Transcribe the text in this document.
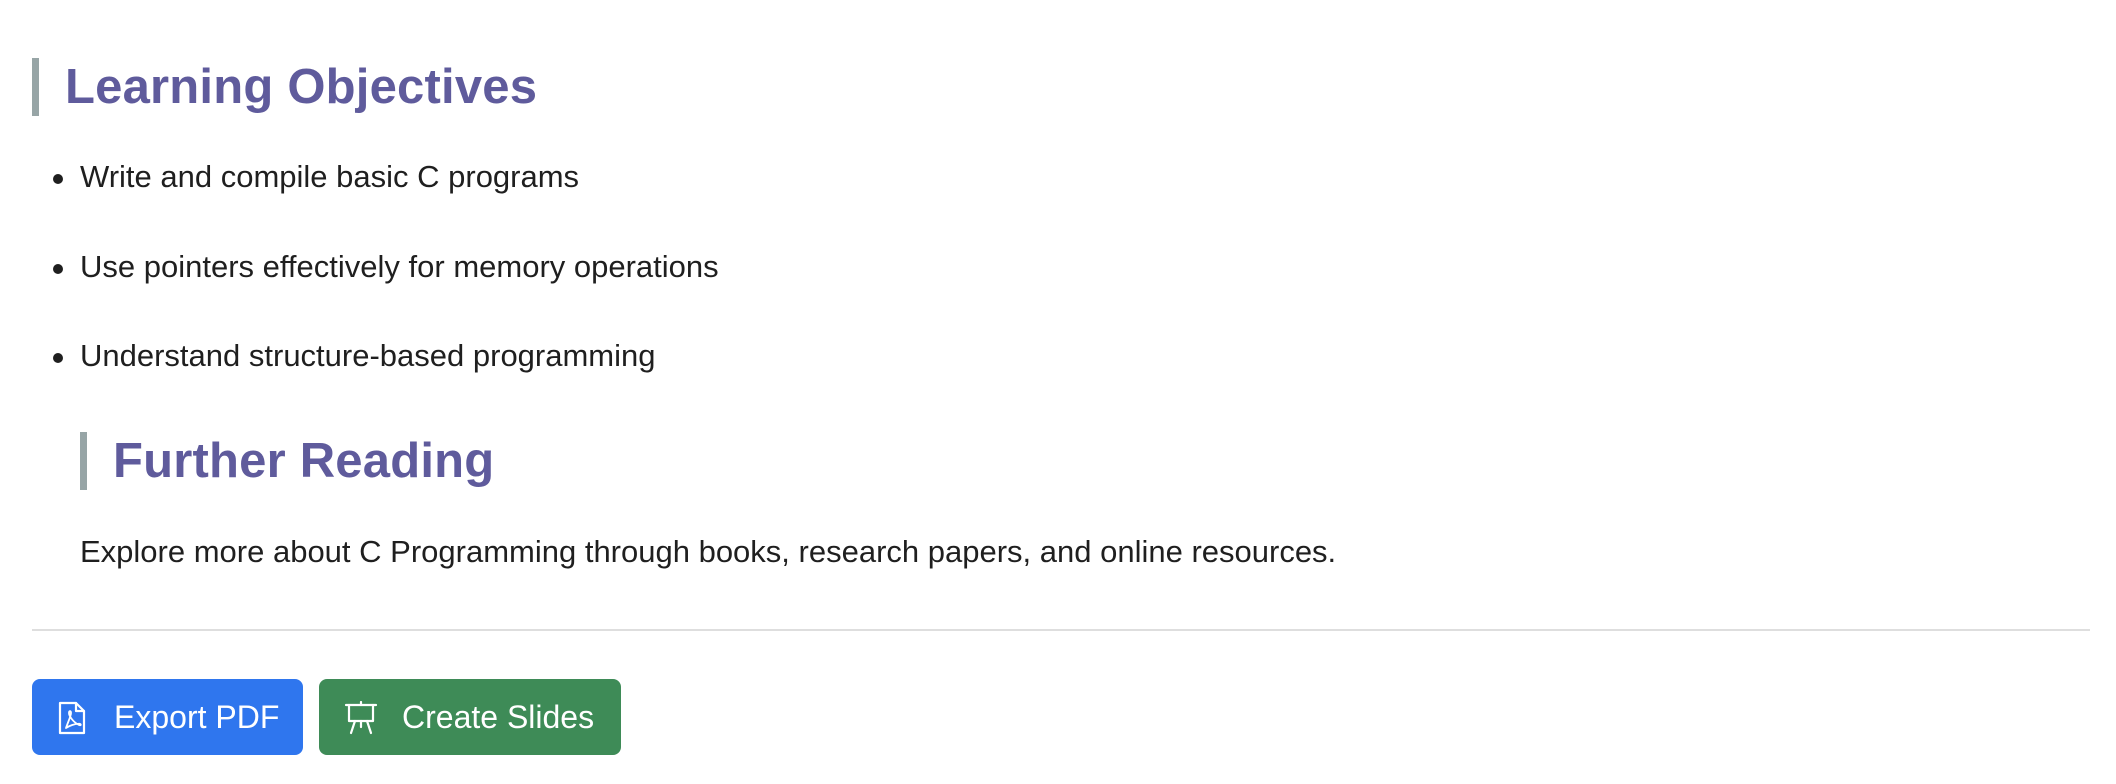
Learning Objectives
Write and compile basic C programs
Use pointers effectively for memory operations
Understand structure-based programming
Further Reading

Explore more about C Programming through books, research papers, and online resources.

Export PDF	Create Slides
